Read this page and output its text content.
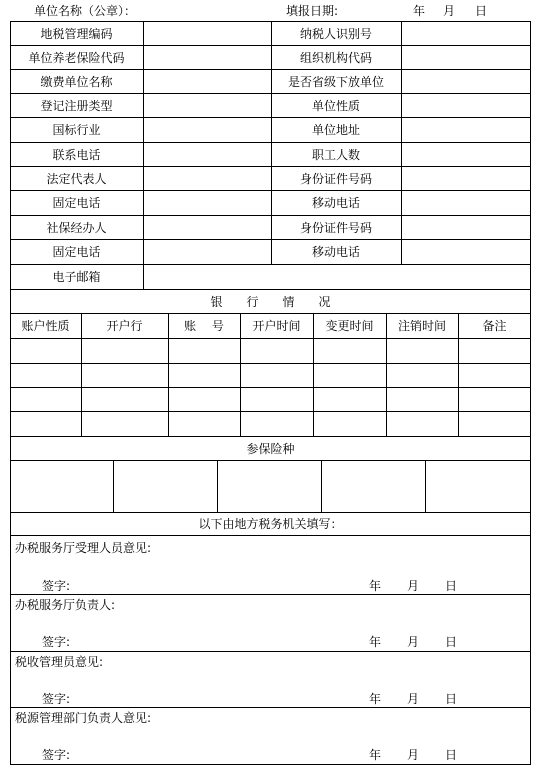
单位名称（公章）：	填报日期:	年 月 日
地税管理编码	纳税人识别号
单位养老保险代码	组织机构代码
缴费单位名称	是否省级下放单位
登记注册类型	单位性质
国标行业	单位地址
联系电话	职工人数
法定代表人	身份证件号码
固定电话	移动电话
社保经办人	身份证件号码
固定电话	移动电话
电子邮箱
银　　行　　情　　况
账户性质	开户行	账　 号	开户时间	变更时间	注销时间	备注
参保险种
以下由地方税务机关填写：
办税服务厅受理人员意见:
签字:	年 月 日
办税服务厅负责人:
签字:	年 月 日
税收管理员意见:
签字:	年 月 日
税源管理部门负责人意见:
签字:	年 月 日
